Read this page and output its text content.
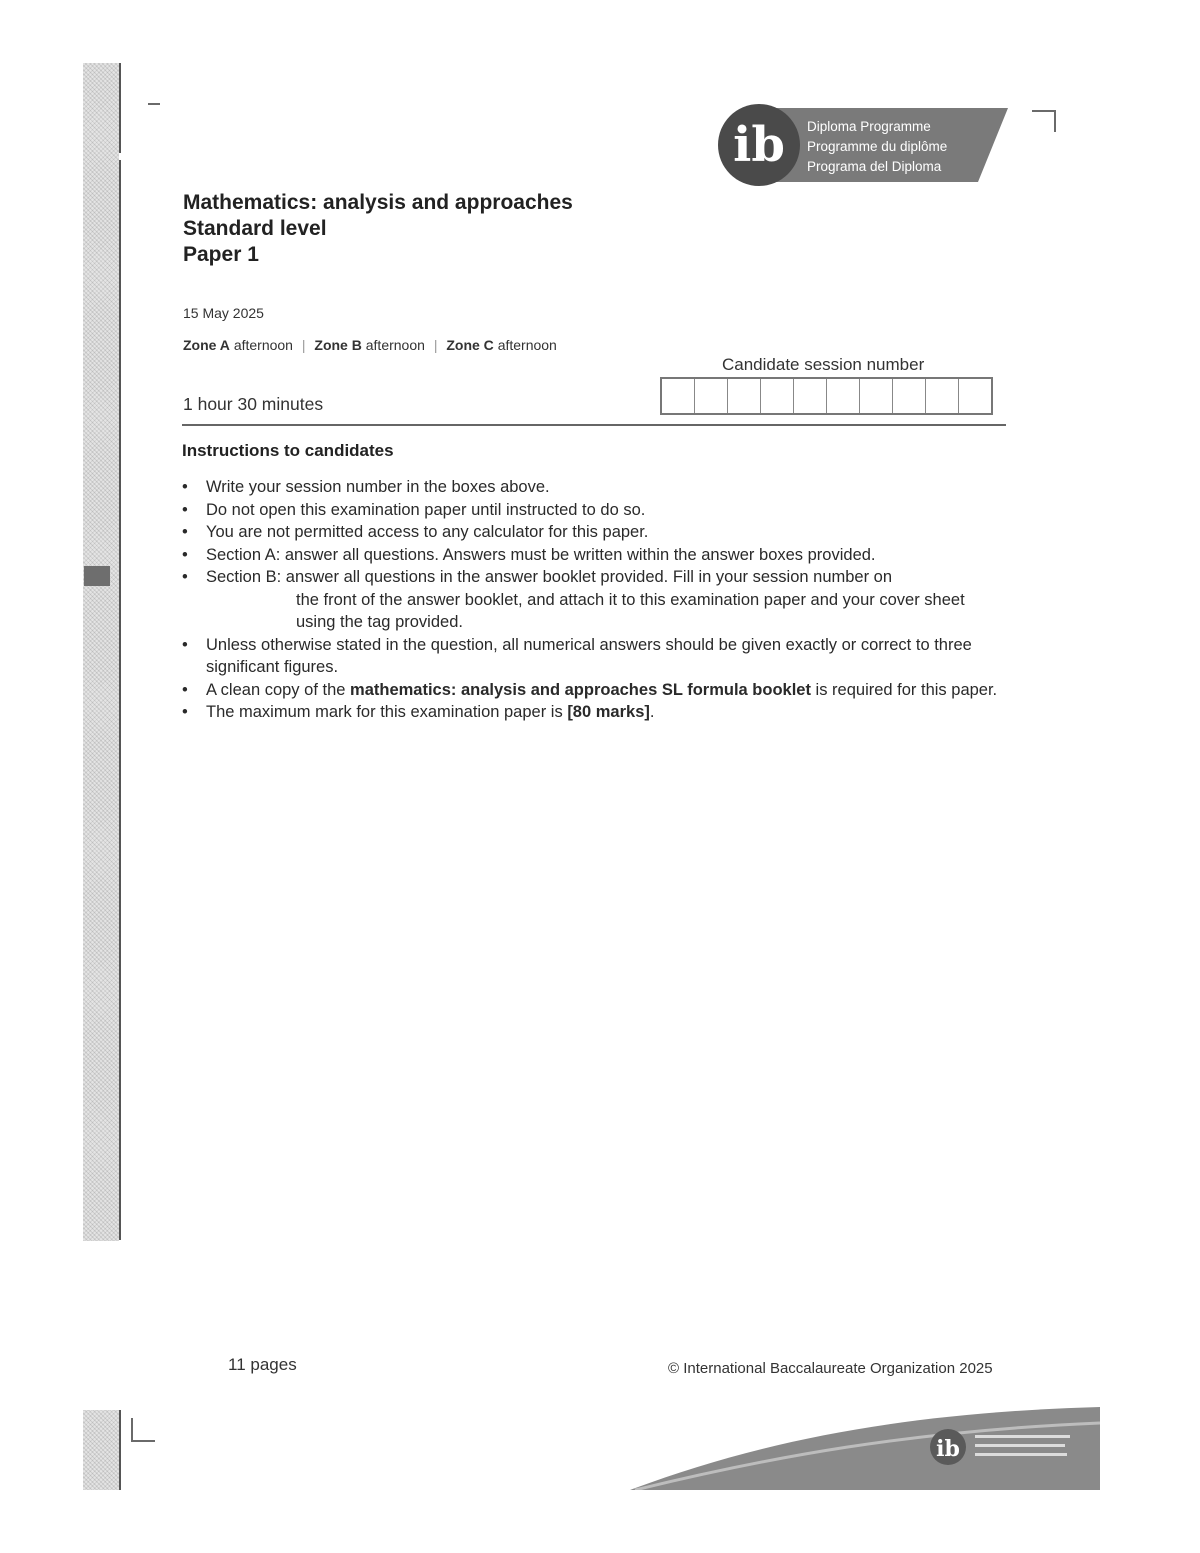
ib Diploma Programme
Programme du diplôme
Programa del Diploma
Mathematics: analysis and approaches
Standard level
Paper 1
15 May 2025
Zone A afternoon | Zone B afternoon | Zone C afternoon
Candidate session number
1 hour 30 minutes
Instructions to candidates
• Write your session number in the boxes above.
• Do not open this examination paper until instructed to do so.
• You are not permitted access to any calculator for this paper.
• Section A: answer all questions. Answers must be written within the answer boxes provided.
• Section B: answer all questions in the answer booklet provided. Fill in your session number on
the front of the answer booklet, and attach it to this examination paper and your cover sheet using the tag provided.
• Unless otherwise stated in the question, all numerical answers should be given exactly or correct to three significant figures.
• A clean copy of the mathematics: analysis and approaches SL formula booklet is required for this paper.
• The maximum mark for this examination paper is [80 marks].
11 pages	© International Baccalaureate Organization 2025
ib
